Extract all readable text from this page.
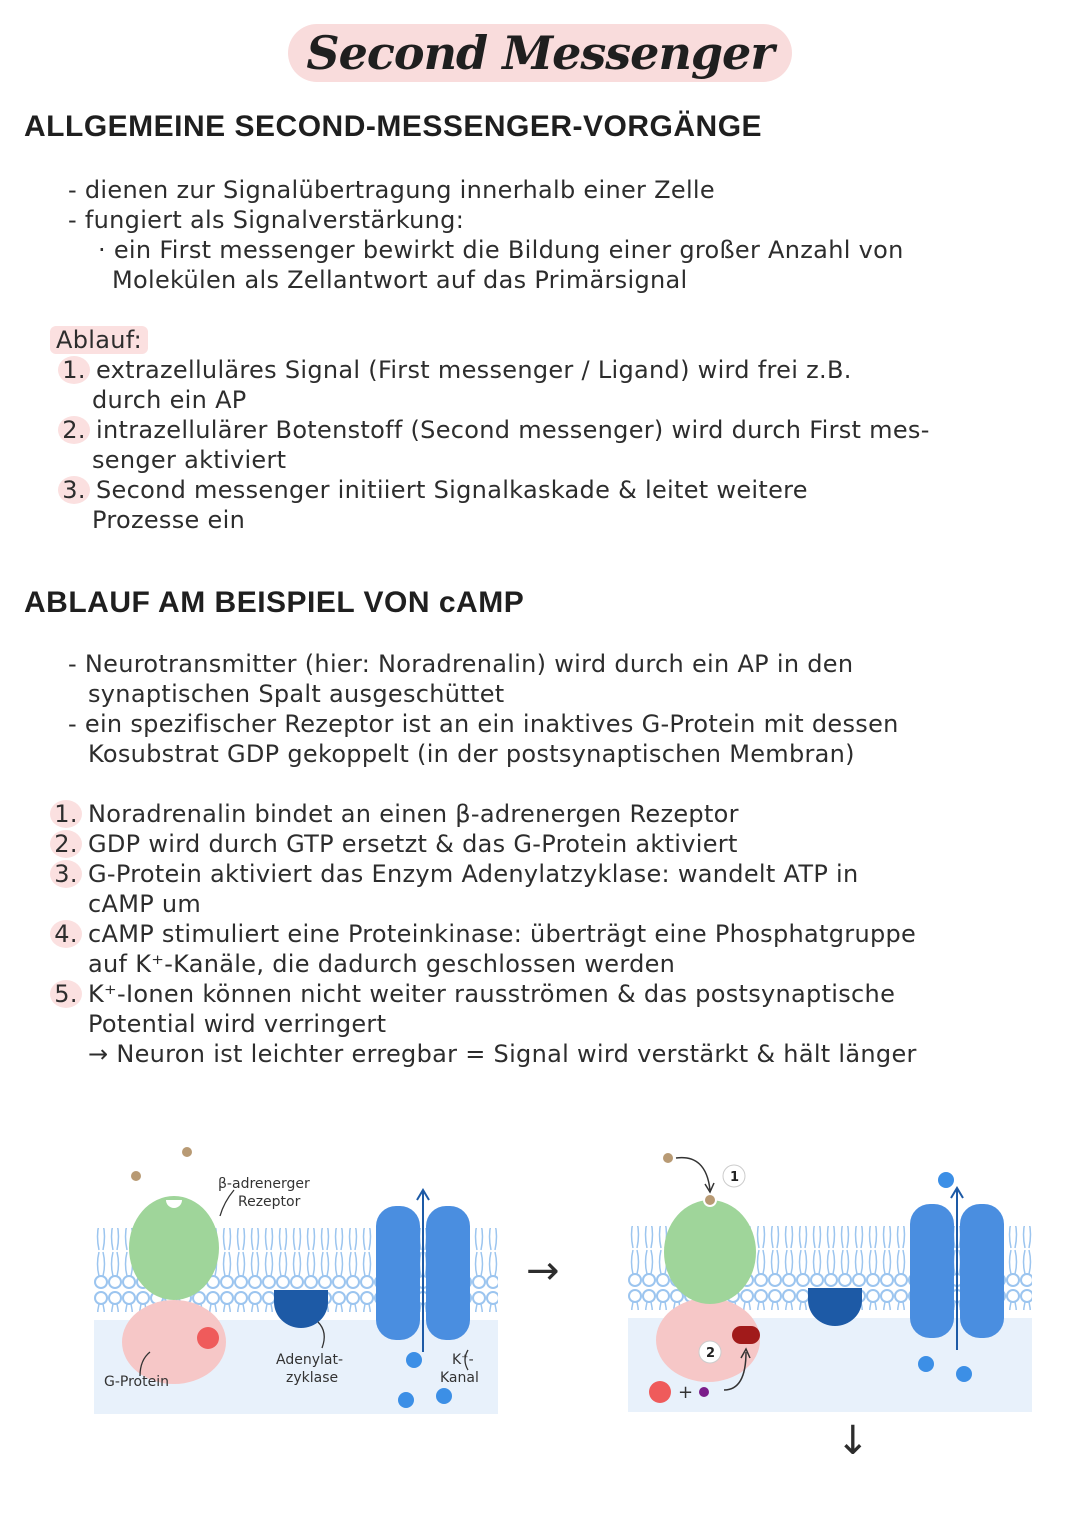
Second Messenger
ALLGEMEINE SECOND-MESSENGER-VORGÄNGE
- dienen zur Signalübertragung innerhalb einer Zelle
- fungiert als Signalverstärkung:
· ein First messenger bewirkt die Bildung einer großer Anzahl von
Molekülen als Zellantwort auf das Primärsignal
Ablauf:
1. extrazelluläres Signal (First messenger / Ligand) wird frei z.B.
durch ein AP
2. intrazellulärer Botenstoff (Second messenger) wird durch First mes-
senger aktiviert
3. Second messenger initiiert Signalkaskade & leitet weitere
Prozesse ein
ABLAUF AM BEISPIEL VON cAMP
- Neurotransmitter (hier: Noradrenalin) wird durch ein AP in den
synaptischen Spalt ausgeschüttet
- ein spezifischer Rezeptor ist an ein inaktives G-Protein mit dessen
Kosubstrat GDP gekoppelt (in der postsynaptischen Membran)
1. Noradrenalin bindet an einen β-adrenergen Rezeptor
2. GDP wird durch GTP ersetzt & das G-Protein aktiviert
3. G-Protein aktiviert das Enzym Adenylatzyklase: wandelt ATP in
cAMP um
4. cAMP stimuliert eine Proteinkinase: überträgt eine Phosphatgruppe
auf K⁺-Kanäle, die dadurch geschlossen werden
5. K⁺-Ionen können nicht weiter rausströmen & das postsynaptische
Potential wird verringert
→ Neuron ist leichter erregbar = Signal wird verstärkt & hält länger
β-adrenerger
Rezeptor
G-Protein
Adenylat-
zyklase
K⁺-
Kanal
→
1
2
+
↓
